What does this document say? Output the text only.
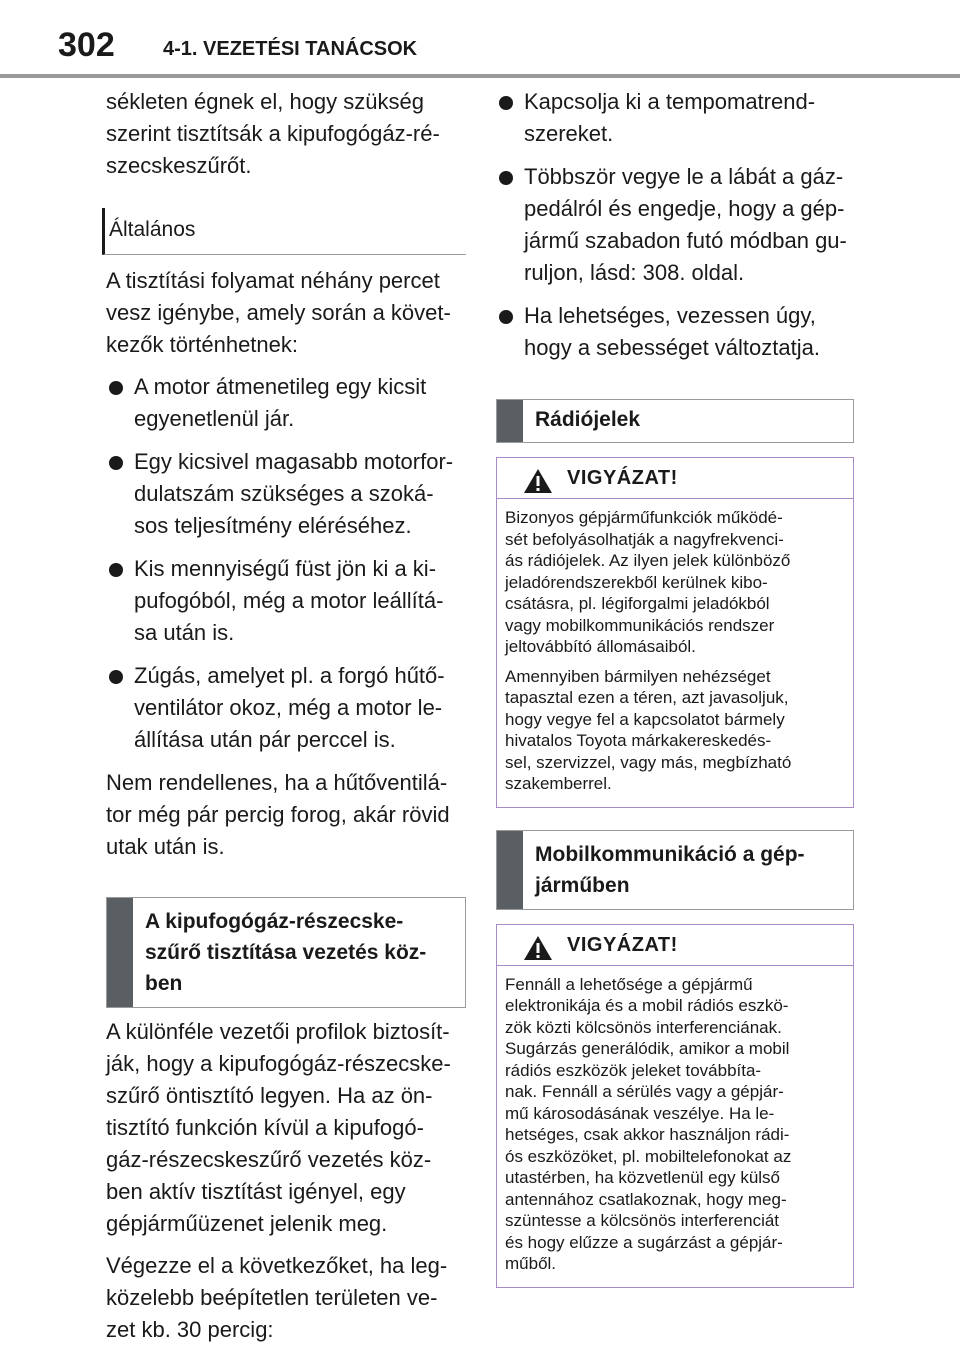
302 4-1. VEZETÉSI TANÁCSOK

sékleten égnek el, hogy szükség
szerint tisztítsák a kipufogógáz-ré-
szecskeszűrőt.

Általános

A tisztítási folyamat néhány percet
vesz igénybe, amely során a követ-
kezők történhetnek:

A motor átmenetileg egy kicsit
egyenetlenül jár.
Egy kicsivel magasabb motorfor-
dulatszám szükséges a szoká-
sos teljesítmény eléréséhez.
Kis mennyiségű füst jön ki a ki-
pufogóból, még a motor leállítá-
sa után is.
Zúgás, amelyet pl. a forgó hűtő-
ventilátor okoz, még a motor le-
állítása után pár perccel is.

Nem rendellenes, ha a hűtőventilá-
tor még pár percig forog, akár rövid
utak után is.

A kipufogógáz-részecske-
szűrő tisztítása vezetés köz-
ben

A különféle vezetői profilok biztosít-
ják, hogy a kipufogógáz-részecske-
szűrő öntisztító legyen. Ha az ön-
tisztító funkción kívül a kipufogó-
gáz-részecskeszűrő vezetés köz-
ben aktív tisztítást igényel, egy
gépjárműüzenet jelenik meg.

Végezze el a következőket, ha leg-
közelebb beépítetlen területen ve-
zet kb. 30 percig:

Kapcsolja ki a tempomatrend-
szereket.
Többször vegye le a lábát a gáz-
pedálról és engedje, hogy a gép-
jármű szabadon futó módban gu-
ruljon, lásd: 308. oldal.
Ha lehetséges, vezessen úgy,
hogy a sebességet változtatja.
Rádiójelek
VIGYÁZAT!

Bizonyos gépjárműfunkciók működé-
sét befolyásolhatják a nagyfrekvenci-
ás rádiójelek. Az ilyen jelek különböző
jeladórendszerekből kerülnek kibo-
csátásra, pl. légiforgalmi jeladókból
vagy mobilkommunikációs rendszer
jeltovábbító állomásaiból.

Amennyiben bármilyen nehézséget
tapasztal ezen a téren, azt javasoljuk,
hogy vegye fel a kapcsolatot bármely
hivatalos Toyota márkakereskedés-
sel, szervizzel, vagy más, megbízható
szakemberrel.

Mobilkommunikáció a gép-
járműben
VIGYÁZAT!

Fennáll a lehetősége a gépjármű
elektronikája és a mobil rádiós eszkö-
zök közti kölcsönös interferenciának.
Sugárzás generálódik, amikor a mobil
rádiós eszközök jeleket továbbíta-
nak. Fennáll a sérülés vagy a gépjár-
mű károsodásának veszélye. Ha le-
hetséges, csak akkor használjon rádi-
ós eszközöket, pl. mobiltelefonokat az
utastérben, ha közvetlenül egy külső
antennához csatlakoznak, hogy meg-
szüntesse a kölcsönös interferenciát
és hogy elűzze a sugárzást a gépjár-
műből.
